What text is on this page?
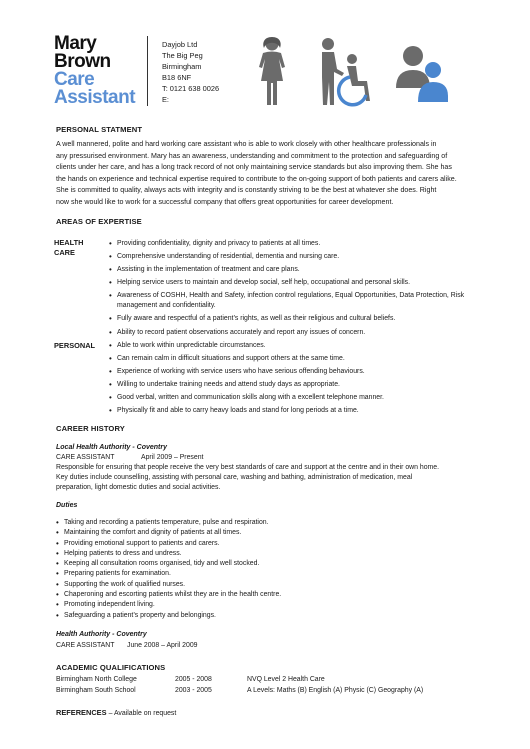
Mary
Brown
Care
Assistant
Dayjob Ltd
The Big Peg
Birmingham
B18 6NF
T: 0121 638 0026
E:
PERSONAL STATMENT
A well mannered, polite and hard working care assistant who is able to work closely with other healthcare professionals in
any pressurised environment. Mary has an awareness, understanding and commitment to the protection and safeguarding of
clients under her care, and has a long track record of not only maintaining service standards but also improving them. She has
the hands on experience and technical expertise required to contribute to the on-going support of both patients and carers alike.
She is committed to quality, always acts with integrity and is constantly striving to be the best at whatever she does. Right
now she would like to work for a successful company that offers great opportunities for career development.
AREAS OF EXPERTISE
HEALTH
CARE
• Providing confidentiality, dignity and privacy to patients at all times.
• Comprehensive understanding of residential, dementia and nursing care.
• Assisting in the implementation of treatment and care plans.
• Helping service users to maintain and develop social, self help, occupational and personal skills.
• Awareness of COSHH, Health and Safety, infection control regulations, Equal Opportunities, Data Protection, Risk management and confidentiality.
• Fully aware and respectful of a patient’s rights, as well as their religious and cultural beliefs.
• Ability to record patient observations accurately and report any issues of concern.
PERSONAL
•	Able to work within unpredictable circumstances.
• Can remain calm in difficult situations and support others at the same time.
• Experience of working with service users who have serious offending behaviours.
• Willing to undertake training needs and attend study days as appropriate.
• Good verbal, written and communication skills along with a excellent telephone manner.
• Physically fit and able to carry heavy loads and stand for long periods at a time.
CAREER HISTORY
Local Health Authority - Coventry
CARE ASSISTANT	April 2009 – Present
Responsible for ensuring that people receive the very best standards of care and support at the centre and in their own home.
Key duties include counselling, assisting with personal care, washing and bathing, administration of medication, meal
preparation, light domestic duties and social activities.
Duties
• Taking and recording a patients temperature, pulse and respiration.
• Maintaining the comfort and dignity of patients at all times.
• Providing emotional support to patients and carers.
• Helping patients to dress and undress.
• Keeping all consultation rooms organised, tidy and well stocked.
• Preparing patients for examination.
• Supporting the work of qualified nurses.
• Chaperoning and escorting patients whilst they are in the health centre.
• Promoting independent living.
• Safeguarding a patient’s property and belongings.
Health Authority - Coventry
CARE ASSISTANT June 2008 – April 2009
ACADEMIC QUALIFICATIONS
Birmingham North College	2005 - 2008	NVQ Level 2 Health Care
Birmingham South School	2003 - 2005	A Levels: Maths (B) English (A) Physic (C) Geography (A)
REFERENCES – Available on request
